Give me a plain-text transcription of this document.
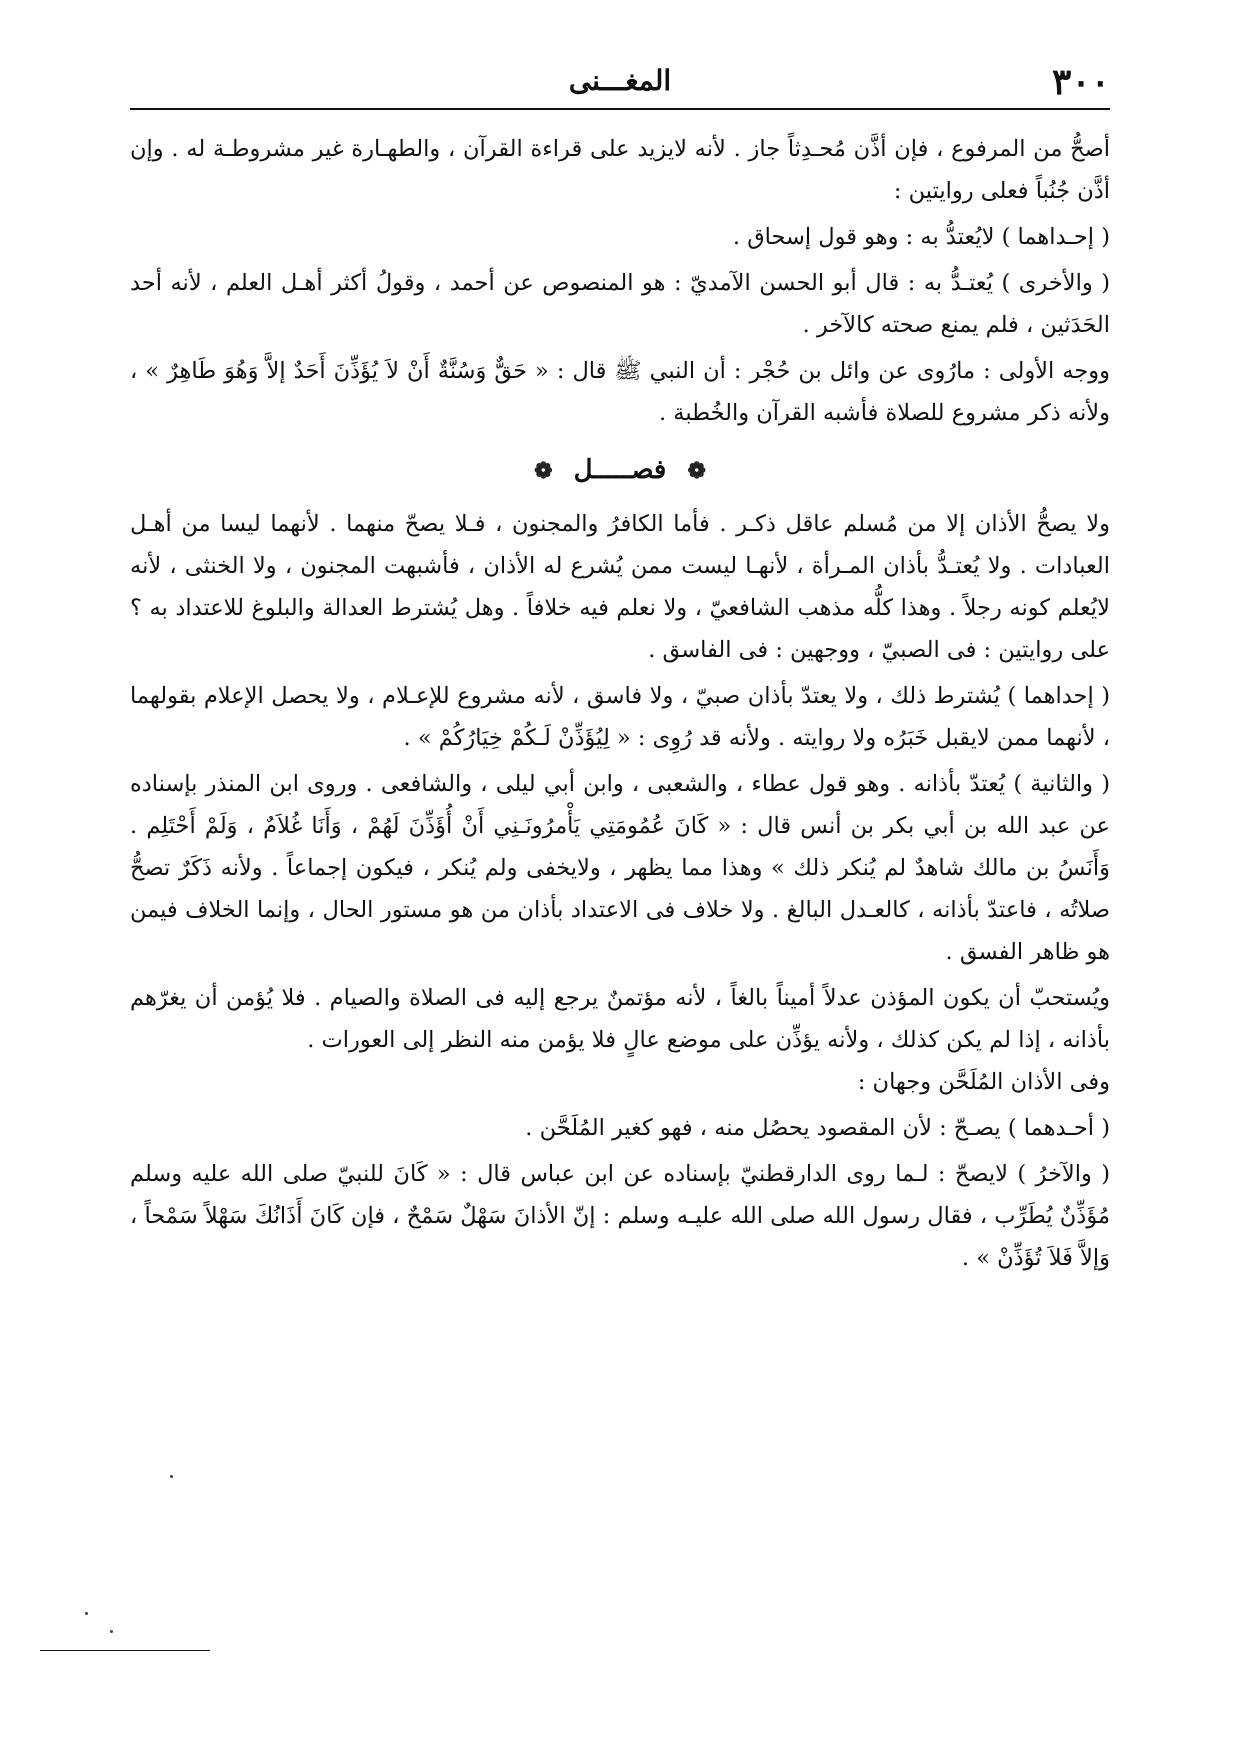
٣٠٠
المغـــنى

أصحُّ من المرفوع ، فإن أذَّن مُحـدِثاً جاز . لأنه لايزيد على قراءة القرآن ، والطهـارة غير مشروطـة له . وإن أذَّن جُنُباً فعلى روايتين :

( إحـداهما ) لايُعتدُّ به : وهو قول إسحاق .

( والأخرى ) يُعتـدُّ به : قال أبو الحسن الآمديّ : هو المنصوص عن أحمد ، وقولُ أكثر أهـل العلم ، لأنه أحد الحَدَثين ، فلم يمنع صحته كالآخر .

ووجه الأولى : مارُوى عن وائل بن حُجْر : أن النبي ﷺ قال : « حَقٌّ وَسُنَّةٌ أَنْ لاَ يُؤَذِّنَ أَحَدٌ إلاَّ وَهُوَ طَاهِرٌ » ، ولأنه ذكر مشروع للصلاة فأشبه القرآن والخُطبة .

❁ فصـــــل ❁

ولا يصحُّ الأذان إلا من مُسلم عاقل ذكـر . فأما الكافرُ والمجنون ، فـلا يصحّ منهما . لأنهما ليسا من أهـل العبادات . ولا يُعتـدُّ بأذان المـرأة ، لأنهـا ليست ممن يُشرع له الأذان ، فأشبهت المجنون ، ولا الخنثى ، لأنه لايُعلم كونه رجلاً . وهذا كلُّه مذهب الشافعيّ ، ولا نعلم فيه خلافاً . وهل يُشترط العدالة والبلوغ للاعتداد به ؟ على روايتين : فى الصبيّ ، ووجهين : فى الفاسق .

( إحداهما ) يُشترط ذلك ، ولا يعتدّ بأذان صبيّ ، ولا فاسق ، لأنه مشروع للإعـلام ، ولا يحصل الإعلام بقولهما ، لأنهما ممن لايقبل خَبَرُه ولا روايته . ولأنه قد رُوِى : « لِيُؤَذِّنْ لَـكُمْ خِيَارُكُمْ » .

( والثانية ) يُعتدّ بأذانه . وهو قول عطاء ، والشعبى ، وابن أبي ليلى ، والشافعى . وروى ابن المنذر بإسناده عن عبد الله بن أبي بكر بن أنس قال : « كَانَ عُمُومَتِي يَأْمرُونَـنِي أَنْ أُؤَذِّنَ لَهُمْ ، وَأَنَا غُلاَمٌ ، وَلَمْ أَحْتَلِم . وَأَنَسُ بن مالك شاهدٌ لم يُنكر ذلك » وهذا مما يظهر ، ولايخفى ولم يُنكر ، فيكون إجماعاً . ولأنه ذَكَرٌ تصحُّ صلاتُه ، فاعتدّ بأذانه ، كالعـدل البالغ . ولا خلاف فى الاعتداد بأذان من هو مستور الحال ، وإنما الخلاف فيمن هو ظاهر الفسق .

ويُستحبّ أن يكون المؤذن عدلاً أميناً بالغاً ، لأنه مؤتمنٌ يرجع إليه فى الصلاة والصيام . فلا يُؤمن أن يغرّهم بأذانه ، إذا لم يكن كذلك ، ولأنه يؤذِّن على موضع عالٍ فلا يؤمن منه النظر إلى العورات .

وفى الأذان المُلَحَّن وجهان :

( أحـدهما ) يصـحّ : لأن المقصود يحصُل منه ، فهو كغير المُلَحَّن .

( والآخرُ ) لايصحّ : لـما روى الدارقطنيّ بإسناده عن ابن عباس قال : « كَانَ للنبيّ صلى الله عليه وسلم مُؤَذِّنٌ يُطَرِّب ، فقال رسول الله صلى الله عليـه وسلم : إنّ الأذانَ سَهْلٌ سَمْحٌ ، فإن كَانَ أَذَانُكَ سَهْلاً سَمْحاً ، وَإلاَّ فَلاَ تُؤَذِّنْ » .
